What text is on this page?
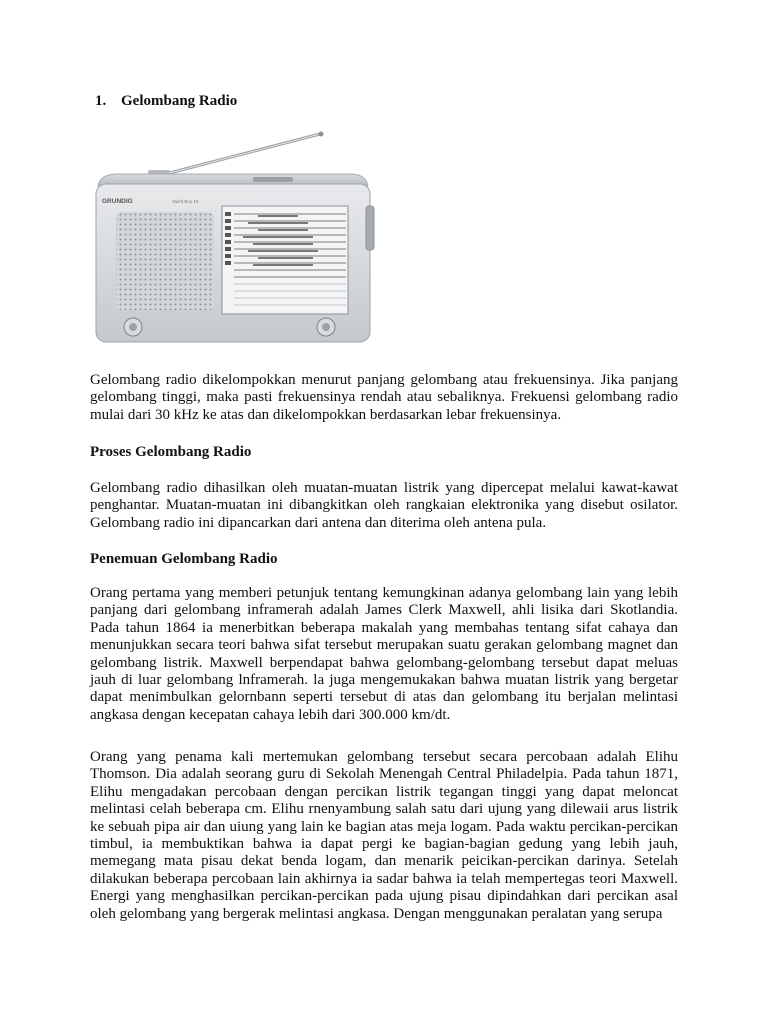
1. Gelombang Radio
GRUNDIG	Yacht Boy 10
Gelombang radio dikelompokkan menurut panjang gelombang atau frekuensinya. Jika panjang gelombang tinggi, maka pasti frekuensinya rendah atau sebaliknya. Frekuensi gelombang radio mulai dari 30 kHz ke atas dan dikelompokkan berdasarkan lebar frekuensinya.
Proses Gelombang Radio
Gelombang radio dihasilkan oleh muatan-muatan listrik yang dipercepat melalui kawat-kawat penghantar. Muatan-muatan ini dibangkitkan oleh rangkaian elektronika yang disebut osilator. Gelombang radio ini dipancarkan dari antena dan diterima oleh antena pula.
Penemuan Gelombang Radio
Orang pertama yang memberi petunjuk tentang kemungkinan adanya gelombang lain yang lebih panjang dari gelombang inframerah adalah James Clerk Maxwell, ahli lisika dari Skotlandia. Pada tahun 1864 ia menerbitkan beberapa makalah yang membahas tentang sifat cahaya dan menunjukkan secara teori bahwa sifat tersebut merupakan suatu gerakan gelombang magnet dan gelombang listrik. Maxwell berpendapat bahwa gelombang-gelombang tersebut dapat meluas jauh di luar gelombang lnframerah. la juga mengemukakan bahwa muatan listrik yang bergetar dapat menimbulkan gelornbann seperti tersebut di atas dan gelombang itu berjalan melintasi angkasa dengan kecepatan cahaya lebih dari 300.000 km/dt.
Orang yang penama kali mertemukan gelombang tersebut secara percobaan adalah Elihu Thomson. Dia adalah seorang guru di Sekolah Menengah Central Philadelpia. Pada tahun 1871, Elihu mengadakan percobaan dengan percikan listrik tegangan tinggi yang dapat meloncat melintasi celah beberapa cm. Elihu rnenyambung salah satu dari ujung yang dilewaii arus listrik ke sebuah pipa air dan uiung yang lain ke bagian atas meja logam. Pada waktu percikan-percikan timbul, ia membuktikan bahwa ia dapat pergi ke bagian-bagian gedung yang lebih jauh, memegang mata pisau dekat benda logam, dan menarik peicikan-percikan darinya. Setelah dilakukan beberapa percobaan lain akhirnya ia sadar bahwa ia telah mempertegas teori Maxwell. Energi yang menghasilkan percikan-percikan pada ujung pisau dipindahkan dari percikan asal oleh gelombang yang bergerak melintasi angkasa. Dengan menggunakan peralatan yang serupa
